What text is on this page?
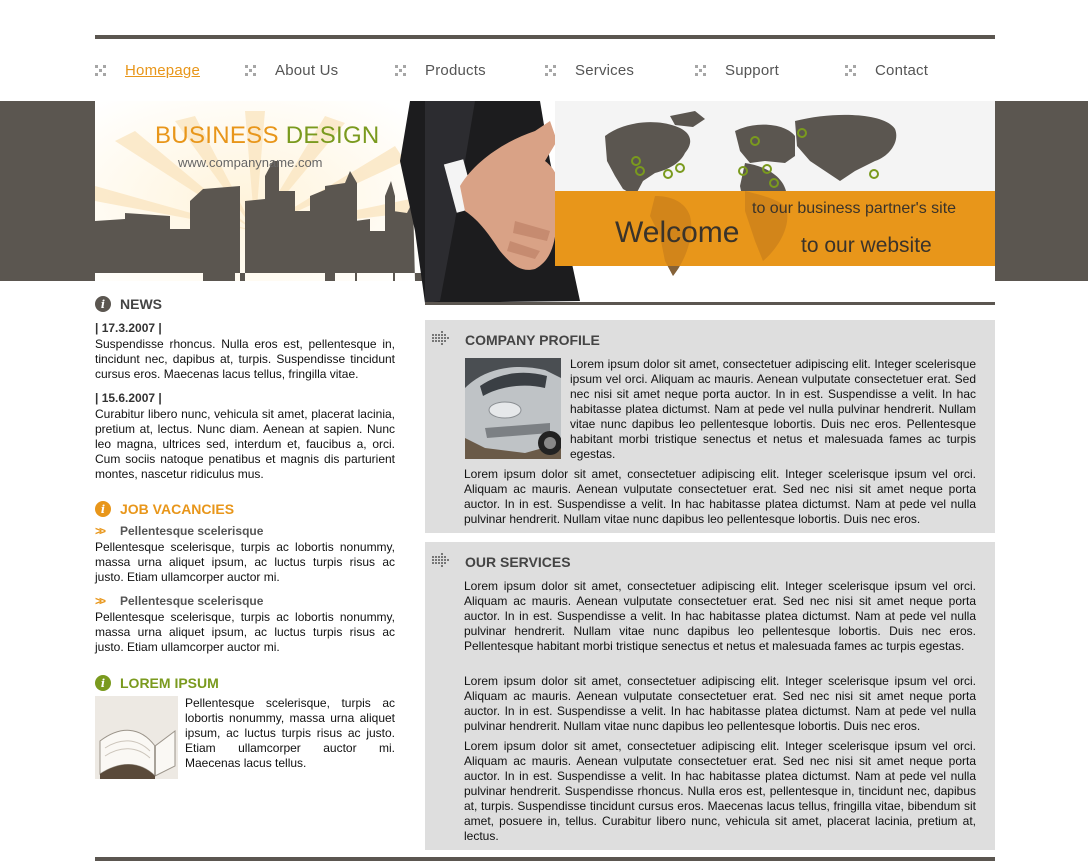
Homepage	About Us	Products	Services	Support	Contact
BUSINESS DESIGN
www.companyname.com
to our business partner's site
Welcome	to our website
i	NEWS
| 17.3.2007 |
Suspendisse rhoncus. Nulla eros est, pellentesque in, tincidunt nec, dapibus at, turpis. Suspendisse tincidunt cursus eros. Maecenas lacus tellus, fringilla vitae.
| 15.6.2007 |
Curabitur libero nunc, vehicula sit amet, placerat lacinia, pretium at, lectus. Nunc diam. Aenean at sapien. Nunc leo magna, ultrices sed, interdum et, faucibus a, orci. Cum sociis natoque penatibus et magnis dis parturient montes, nascetur ridiculus mus.
i	JOB VACANCIES
>>	Pellentesque scelerisque
Pellentesque scelerisque, turpis ac lobortis nonummy, massa urna aliquet ipsum, ac luctus turpis risus ac justo. Etiam ullamcorper auctor mi.
>>	Pellentesque scelerisque
Pellentesque scelerisque, turpis ac lobortis nonummy, massa urna aliquet ipsum, ac luctus turpis risus ac justo. Etiam ullamcorper auctor mi.
i	LOREM IPSUM
Pellentesque scelerisque, turpis ac lobortis nonummy, massa urna aliquet ipsum, ac luctus turpis risus ac justo. Etiam ullamcorper auctor mi. Maecenas lacus tellus.
COMPANY PROFILE
Lorem ipsum dolor sit amet, consectetuer adipiscing elit. Integer scelerisque ipsum vel orci. Aliquam ac mauris. Aenean vulputate consectetuer erat. Sed nec nisi sit amet neque porta auctor. In in est. Suspendisse a velit. In hac habitasse platea dictumst. Nam at pede vel nulla pulvinar hendrerit. Nullam vitae nunc dapibus leo pellentesque lobortis. Duis nec eros. Pellentesque habitant morbi tristique senectus et netus et malesuada fames ac turpis egestas.
Lorem ipsum dolor sit amet, consectetuer adipiscing elit. Integer scelerisque ipsum vel orci. Aliquam ac mauris. Aenean vulputate consectetuer erat. Sed nec nisi sit amet neque porta auctor. In in est. Suspendisse a velit. In hac habitasse platea dictumst. Nam at pede vel nulla pulvinar hendrerit. Nullam vitae nunc dapibus leo pellentesque lobortis. Duis nec eros.
OUR SERVICES
Lorem ipsum dolor sit amet, consectetuer adipiscing elit. Integer scelerisque ipsum vel orci. Aliquam ac mauris. Aenean vulputate consectetuer erat. Sed nec nisi sit amet neque porta auctor. In in est. Suspendisse a velit. In hac habitasse platea dictumst. Nam at pede vel nulla pulvinar hendrerit. Nullam vitae nunc dapibus leo pellentesque lobortis. Duis nec eros. Pellentesque habitant morbi tristique senectus et netus et malesuada fames ac turpis egestas.
Lorem ipsum dolor sit amet, consectetuer adipiscing elit. Integer scelerisque ipsum vel orci. Aliquam ac mauris. Aenean vulputate consectetuer erat. Sed nec nisi sit amet neque porta auctor. In in est. Suspendisse a velit. In hac habitasse platea dictumst. Nam at pede vel nulla pulvinar hendrerit. Nullam vitae nunc dapibus leo pellentesque lobortis. Duis nec eros.
Lorem ipsum dolor sit amet, consectetuer adipiscing elit. Integer scelerisque ipsum vel orci. Aliquam ac mauris. Aenean vulputate consectetuer erat. Sed nec nisi sit amet neque porta auctor. In in est. Suspendisse a velit. In hac habitasse platea dictumst. Nam at pede vel nulla pulvinar hendrerit. Suspendisse rhoncus. Nulla eros est, pellentesque in, tincidunt nec, dapibus at, turpis. Suspendisse tincidunt cursus eros. Maecenas lacus tellus, fringilla vitae, bibendum sit amet, posuere in, tellus. Curabitur libero nunc, vehicula sit amet, placerat lacinia, pretium at, lectus.
